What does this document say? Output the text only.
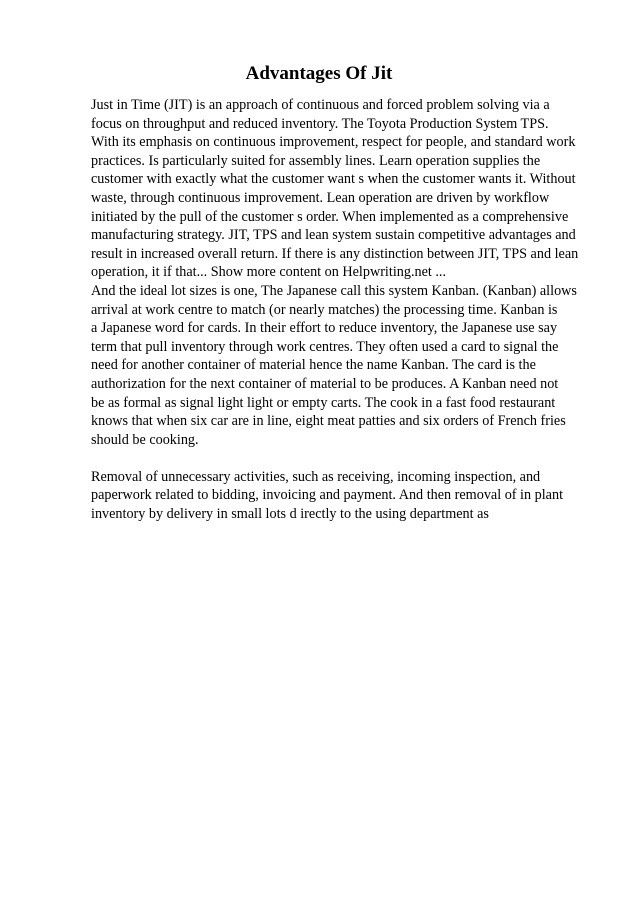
Advantages Of Jit
Just in Time (JIT) is an approach of continuous and forced problem solving via a
focus on throughput and reduced inventory. The Toyota Production System TPS.
With its emphasis on continuous improvement, respect for people, and standard work
practices. Is particularly suited for assembly lines. Learn operation supplies the
customer with exactly what the customer want s when the customer wants it. Without
waste, through continuous improvement. Lean operation are driven by workflow
initiated by the pull of the customer s order. When implemented as a comprehensive
manufacturing strategy. JIT, TPS and lean system sustain competitive advantages and
result in increased overall return. If there is any distinction between JIT, TPS and lean
operation, it if that... Show more content on Helpwriting.net ...
And the ideal lot sizes is one, The Japanese call this system Kanban. (Kanban) allows
arrival at work centre to match (or nearly matches) the processing time. Kanban is
a Japanese word for cards. In their effort to reduce inventory, the Japanese use say
term that pull inventory through work centres. They often used a card to signal the
need for another container of material hence the name Kanban. The card is the
authorization for the next container of material to be produces. A Kanban need not
be as formal as signal light light or empty carts. The cook in a fast food restaurant
knows that when six car are in line, eight meat patties and six orders of French fries
should be cooking.
Removal of unnecessary activities, such as receiving, incoming inspection, and
paperwork related to bidding, invoicing and payment. And then removal of in plant
inventory by delivery in small lots d irectly to the using department as
